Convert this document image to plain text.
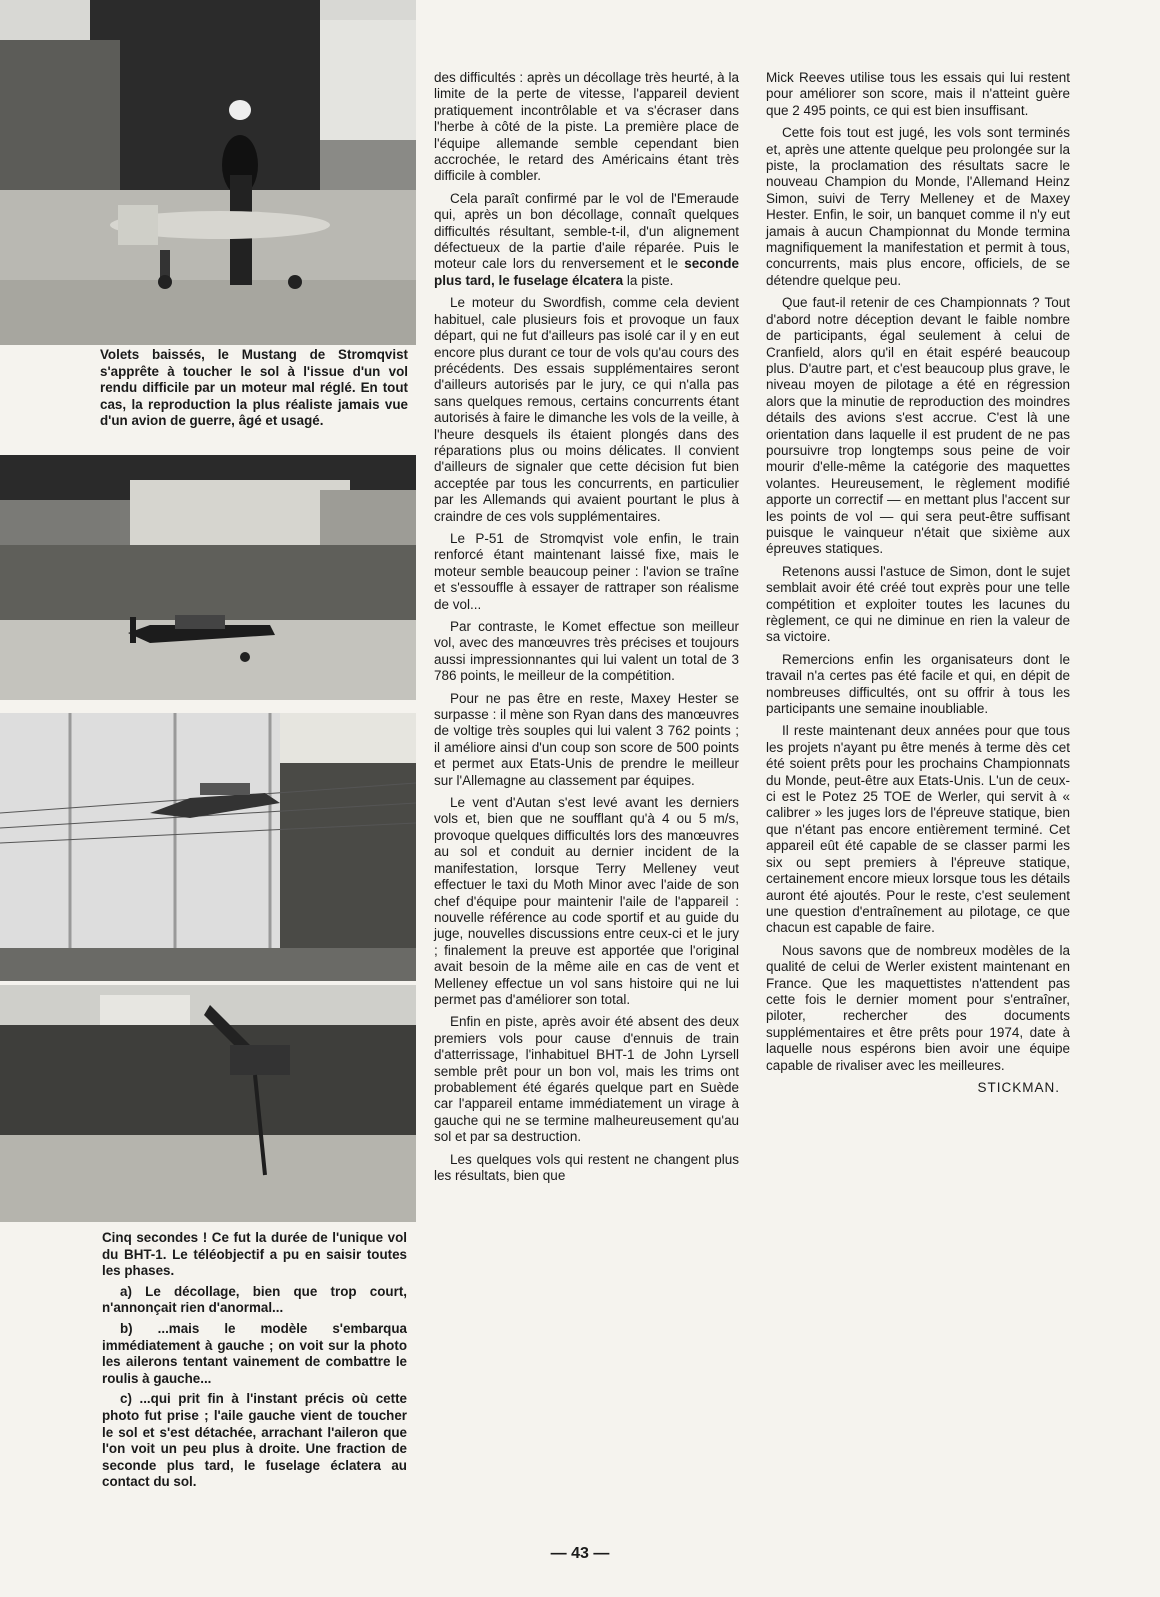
Volets baissés, le Mustang de Stromqvist s'apprête à toucher le sol à l'issue d'un vol rendu difficile par un moteur mal réglé. En tout cas, la reproduction la plus réaliste jamais vue d'un avion de guerre, âgé et usagé.

Cinq secondes ! Ce fut la durée de l'unique vol du BHT-1. Le téléobjectif a pu en saisir toutes les phases.

a) Le décollage, bien que trop court, n'annonçait rien d'anormal...

b) ...mais le modèle s'embarqua immédiatement à gauche ; on voit sur la photo les ailerons tentant vainement de combattre le roulis à gauche...

c) ...qui prit fin à l'instant précis où cette photo fut prise ; l'aile gauche vient de toucher le sol et s'est détachée, arrachant l'aileron que l'on voit un peu plus à droite. Une fraction de seconde plus tard, le fuselage éclatera au contact du sol.

des difficultés : après un décollage très heurté, à la limite de la perte de vitesse, l'appareil devient pratiquement incontrôlable et va s'écraser dans l'herbe à côté de la piste. La première place de l'équipe allemande semble cependant bien accrochée, le retard des Américains étant très difficile à combler.

Cela paraît confirmé par le vol de l'Emeraude qui, après un bon décollage, connaît quelques difficultés résultant, semble-t-il, d'un alignement défectueux de la partie d'aile réparée. Puis le moteur cale lors du renversement et le seconde plus tard, le fuselage élcatera la piste.

Le moteur du Swordfish, comme cela devient habituel, cale plusieurs fois et provoque un faux départ, qui ne fut d'ailleurs pas isolé car il y en eut encore plus durant ce tour de vols qu'au cours des précédents. Des essais supplémentaires seront d'ailleurs autorisés par le jury, ce qui n'alla pas sans quelques remous, certains concurrents étant autorisés à faire le dimanche les vols de la veille, à l'heure desquels ils étaient plongés dans des réparations plus ou moins délicates. Il convient d'ailleurs de signaler que cette décision fut bien acceptée par tous les concurrents, en particulier par les Allemands qui avaient pourtant le plus à craindre de ces vols supplémentaires.

Le P-51 de Stromqvist vole enfin, le train renforcé étant maintenant laissé fixe, mais le moteur semble beaucoup peiner : l'avion se traîne et s'essouffle à essayer de rattraper son réalisme de vol...

Par contraste, le Komet effectue son meilleur vol, avec des manœuvres très précises et toujours aussi impressionnantes qui lui valent un total de 3 786 points, le meilleur de la compétition.

Pour ne pas être en reste, Maxey Hester se surpasse : il mène son Ryan dans des manœuvres de voltige très souples qui lui valent 3 762 points ; il améliore ainsi d'un coup son score de 500 points et permet aux Etats-Unis de prendre le meilleur sur l'Allemagne au classement par équipes.

Le vent d'Autan s'est levé avant les derniers vols et, bien que ne soufflant qu'à 4 ou 5 m/s, provoque quelques difficultés lors des manœuvres au sol et conduit au dernier incident de la manifestation, lorsque Terry Melleney veut effectuer le taxi du Moth Minor avec l'aide de son chef d'équipe pour maintenir l'aile de l'appareil : nouvelle référence au code sportif et au guide du juge, nouvelles discussions entre ceux-ci et le jury ; finalement la preuve est apportée que l'original avait besoin de la même aile en cas de vent et Melleney effectue un vol sans histoire qui ne lui permet pas d'améliorer son total.

Enfin en piste, après avoir été absent des deux premiers vols pour cause d'ennuis de train d'atterrissage, l'inhabituel BHT-1 de John Lyrsell semble prêt pour un bon vol, mais les trims ont probablement été égarés quelque part en Suède car l'appareil entame immédiatement un virage à gauche qui ne se termine malheureusement qu'au sol et par sa destruction.

Les quelques vols qui restent ne changent plus les résultats, bien que

Mick Reeves utilise tous les essais qui lui restent pour améliorer son score, mais il n'atteint guère que 2 495 points, ce qui est bien insuffisant.

Cette fois tout est jugé, les vols sont terminés et, après une attente quelque peu prolongée sur la piste, la proclamation des résultats sacre le nouveau Champion du Monde, l'Allemand Heinz Simon, suivi de Terry Melleney et de Maxey Hester. Enfin, le soir, un banquet comme il n'y eut jamais à aucun Championnat du Monde termina magnifiquement la manifestation et permit à tous, concurrents, mais plus encore, officiels, de se détendre quelque peu.

Que faut-il retenir de ces Championnats ? Tout d'abord notre déception devant le faible nombre de participants, égal seulement à celui de Cranfield, alors qu'il en était espéré beaucoup plus. D'autre part, et c'est beaucoup plus grave, le niveau moyen de pilotage a été en régression alors que la minutie de reproduction des moindres détails des avions s'est accrue. C'est là une orientation dans laquelle il est prudent de ne pas poursuivre trop longtemps sous peine de voir mourir d'elle-même la catégorie des maquettes volantes. Heureusement, le règlement modifié apporte un correctif — en mettant plus l'accent sur les points de vol — qui sera peut-être suffisant puisque le vainqueur n'était que sixième aux épreuves statiques.

Retenons aussi l'astuce de Simon, dont le sujet semblait avoir été créé tout exprès pour une telle compétition et exploiter toutes les lacunes du règlement, ce qui ne diminue en rien la valeur de sa victoire.

Remercions enfin les organisateurs dont le travail n'a certes pas été facile et qui, en dépit de nombreuses difficultés, ont su offrir à tous les participants une semaine inoubliable.

Il reste maintenant deux années pour que tous les projets n'ayant pu être menés à terme dès cet été soient prêts pour les prochains Championnats du Monde, peut-être aux Etats-Unis. L'un de ceux-ci est le Potez 25 TOE de Werler, qui servit à « calibrer » les juges lors de l'épreuve statique, bien que n'étant pas encore entièrement terminé. Cet appareil eût été capable de se classer parmi les six ou sept premiers à l'épreuve statique, certainement encore mieux lorsque tous les détails auront été ajoutés. Pour le reste, c'est seulement une question d'entraînement au pilotage, ce que chacun est capable de faire.

Nous savons que de nombreux modèles de la qualité de celui de Werler existent maintenant en France. Que les maquettistes n'attendent pas cette fois le dernier moment pour s'entraîner, piloter, rechercher des documents supplémentaires et être prêts pour 1974, date à laquelle nous espérons bien avoir une équipe capable de rivaliser avec les meilleures.

STICKMAN.
— 43 —
